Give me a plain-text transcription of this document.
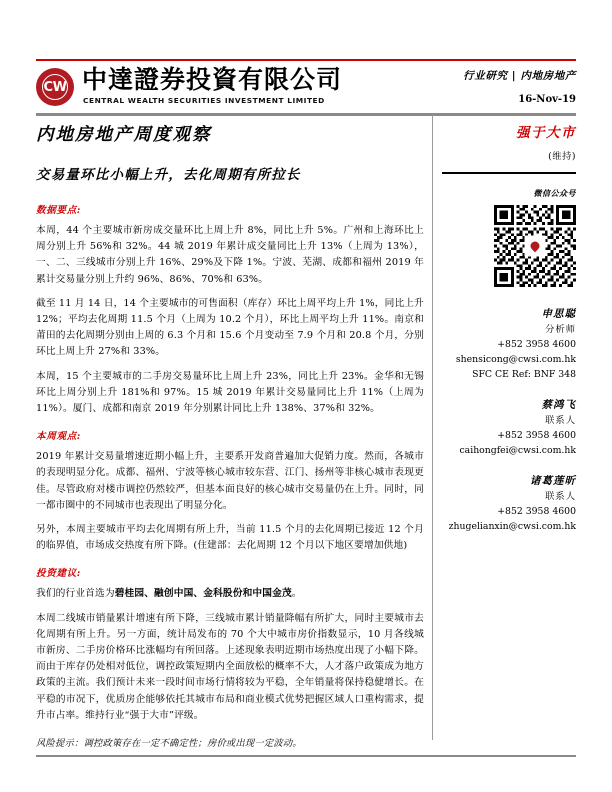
CW 中達證券投資有限公司
CENTRAL WEALTH SECURITIES INVESTMENT LIMITED
行业研究 | 内地房地产
16-Nov-19
内地房地产周度观察
交易量环比小幅上升，去化周期有所拉长
数据要点:

本周，44 个主要城市新房成交量环比上周上升 8%，同比上升 5%。广州和上海环比上周分别上升 56%和 32%。44 城 2019 年累计成交量同比上升 13%（上周为 13%），一、二、三线城市分别上升 16%、29%及下降 1%。宁波、芜湖、成都和福州 2019 年累计交易量分别上升约 96%、86%、70%和 63%。

截至 11 月 14 日，14 个主要城市的可售面积（库存）环比上周平均上升 1%，同比上升 12%；平均去化周期 11.5 个月（上周为 10.2 个月），环比上周平均上升 11%。南京和莆田的去化周期分别由上周的 6.3 个月和 15.6 个月变动至 7.9 个月和 20.8 个月，分别环比上周上升 27%和 33%。

本周，15 个主要城市的二手房交易量环比上周上升 23%，同比上升 23%。金华和无锡环比上周分别上升 181%和 97%。15 城 2019 年累计交易量同比上升 11%（上周为 11%）。厦门、成都和南京 2019 年分别累计同比上升 138%、37%和 32%。

本周观点:

2019 年累计交易量增速近期小幅上升，主要系开发商普遍加大促销力度。然而，各城市的表现明显分化。成都、福州、宁波等核心城市较东营、江门、扬州等非核心城市表现更佳。尽管政府对楼市调控仍然较严，但基本面良好的核心城市交易量仍在上升。同时，同一都市圈中的不同城市也表现出了明显分化。

另外，本周主要城市平均去化周期有所上升，当前 11.5 个月的去化周期已接近 12 个月的临界值，市场成交热度有所下降。(住建部：去化周期 12 个月以下地区要增加供地)

投资建议:

我们的行业首选为碧桂园、融创中国、金科股份和中国金茂。

本周二线城市销量累计增速有所下降，三线城市累计销量降幅有所扩大，同时主要城市去化周期有所上升。另一方面，统计局发布的 70 个大中城市房价指数显示，10 月各线城市新房、二手房价格环比涨幅均有所回落。上述现象表明近期市场热度出现了小幅下降。而由于库存仍处相对低位，调控政策短期内全面放松的概率不大，人才落户政策成为地方政策的主流。我们预计未来一段时间市场行情将较为平稳，全年销量将保持稳健增长。在平稳的市况下，优质房企能够依托其城市布局和商业模式优势把握区域人口重构需求，提升市占率。维持行业“强于大市”评级。

风险提示：调控政策存在一定不确定性；房价或出现一定波动。

强于大市
(维持)
微信公众号
申思聪
分析师
+852 3958 4600
shensicong@cwsi.com.hk
SFC CE Ref: BNF 348
蔡鸿飞
联系人
+852 3958 4600
caihongfei@cwsi.com.hk
诸葛莲昕
联系人
+852 3958 4600
zhugelianxin@cwsi.com.hk
